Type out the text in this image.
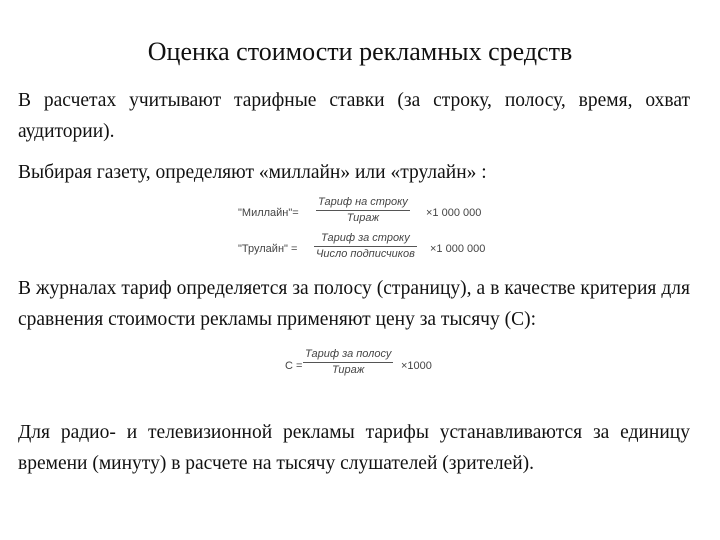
Оценка стоимости рекламных средств
В расчетах учитывают тарифные ставки (за строку, полосу, время, охват аудитории).
Выбирая газету, определяют «миллайн» или «трулайн» :
"Миллайн"=
Тариф на строку
Тираж	×1 000 000
"Трулайн" =
Тариф за строку
Число подписчиков ×1 000 000
В журналах тариф определяется за полосу (страницу), а в качестве критерия для сравнения стоимости рекламы применяют цену за тысячу (С):
С =
Тариф за полосу
Тираж	×1000
Для радио- и телевизионной рекламы тарифы устанавливаются за единицу времени (минуту) в расчете на тысячу слушателей (зрителей).
